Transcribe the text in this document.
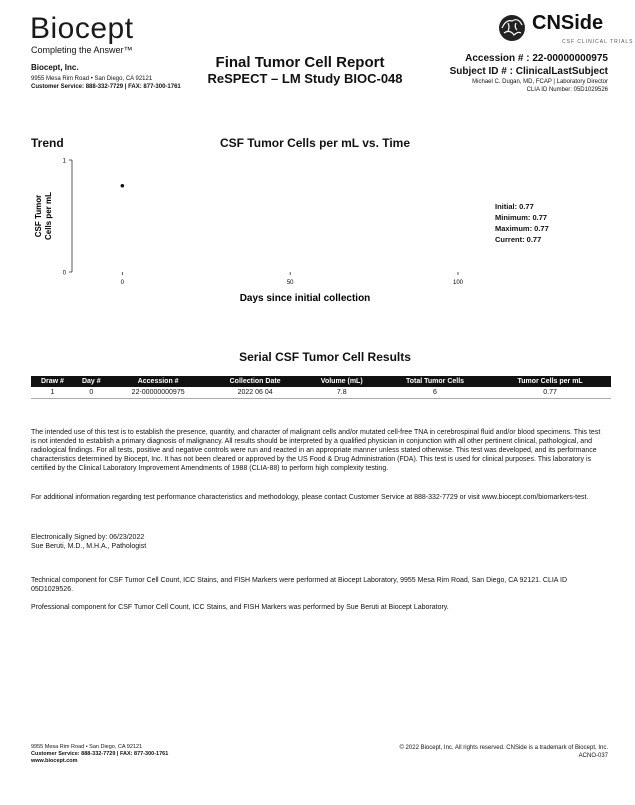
Biocept
Completing the Answer™
Biocept, Inc.
9955 Mesa Rim Road • San Diego, CA 92121
Customer Service: 888-332-7729 | FAX: 877-300-1761
Final Tumor Cell Report
ReSPECT – LM Study BIOC-048
CNSide
CSF CLINICAL TRIALS
Accession # : 22-00000000975
Subject ID # : ClinicalLastSubject
Michael C. Dugan, MD, FCAP | Laboratory Director
CLIA ID Number: 05D1029526
Trend	CSF Tumor Cells per mL vs. Time
0
1
0	50	100
CSF TumorCells per mL
Days since initial collection
Initial: 0.77
Minimum: 0.77
Maximum: 0.77
Current: 0.77
Serial CSF Tumor Cell Results
Draw #	Day #	Accession #	Collection Date	Volume (mL)	Total Tumor Cells	Tumor Cells per mL
1	0	22-00000000975	2022 06 04	7.8	6	0.77
The intended use of this test is to establish the presence, quantity, and character of malignant cells and/or mutated cell-free TNA in cerebrospinal fluid and/or blood specimens. This test is not intended to establish a primary diagnosis of malignancy. All results should be interpreted by a qualified physician in conjunction with all other pertinent clinical, pathological, and radiological findings. For all tests, positive and negative controls were run and reacted in an appropriate manner unless stated otherwise. This test was developed, and its performance characteristics determined by Biocept, Inc. It has not been cleared or approved by the US Food & Drug Administration (FDA). This test is used for clinical purposes. This laboratory is certified by the Clinical Laboratory Improvement Amendments of 1988 (CLIA-88) to perform high complexity testing.
For additional information regarding test performance characteristics and methodology, please contact Customer Service at 888-332-7729 or visit www.biocept.com/biomarkers-test.
Electronically Signed by: 06/23/2022
Sue Beruti, M.D., M.H.A., Pathologist
Technical component for CSF Tumor Cell Count, ICC Stains, and FISH Markers were performed at Biocept Laboratory, 9955 Mesa Rim Road, San Diego, CA 92121. CLIA ID 05D1029526.
Professional component for CSF Tumor Cell Count, ICC Stains, and FISH Markers was performed by Sue Beruti at Biocept Laboratory.
9955 Mesa Rim Road • San Diego, CA 92121
Customer Service: 888-332-7729 | FAX: 877-300-1761
www.biocept.com
© 2022 Biocept, Inc. All rights reserved. CNSide is a trademark of Biocept, Inc.
ACNO-037
